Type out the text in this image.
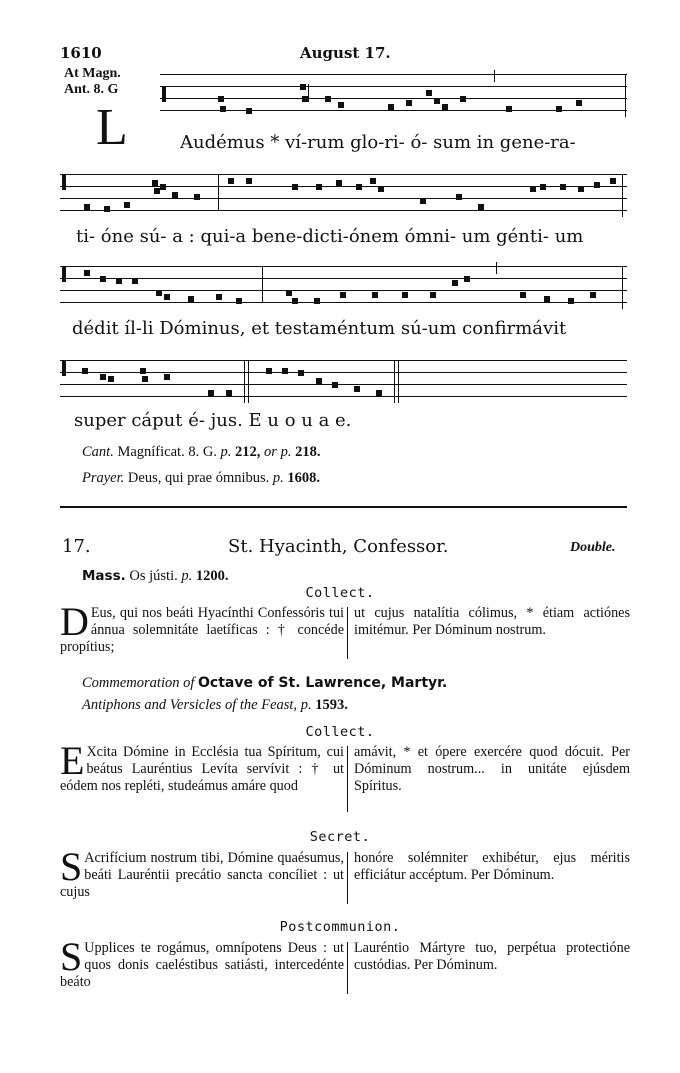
1610	August 17.
At Magn.
Ant. 8. G
L	Audémus * ví-rum glo-ri- ó- sum in gene-ra-
ti- óne sú- a : qui-a bene-dicti-ónem ómni- um génti- um
dédit íl-li Dóminus, et testaméntum sú-um confirmávit
super cáput é- jus. E u o u a e.
Cant. Magníficat. 8. G. p. 212, or p. 218.
Prayer. Deus, qui prae ómnibus. p. 1608.
17.	St. Hyacinth, Confessor.	Double.
Mass. Os jústi. p. 1200.
Collect.
D Eus, qui nos beáti Hyacínthi Confessóris tui ánnua solemnitáte laetíficas : † concéde propítius;
ut cujus natalítia cólimus, * étiam actiónes imitémur. Per Dóminum nostrum.
Commemoration of Octave of St. Lawrence, Martyr.
Antiphons and Versicles of the Feast, p. 1593.
Collect.
E Xcita Dómine in Ecclésia tua Spíritum, cui beátus Lauréntius Levíta servívit : † ut eódem nos repléti, studeámus amáre quod
amávit, * et ópere exercére quod dócuit. Per Dóminum nostrum... in unitáte ejúsdem Spíritus.
Secret.
S Acrifícium nostrum tibi, Dómine quaésumus, beáti Lauréntii precátio sancta concíliet : ut cujus
honóre solémniter exhibétur, ejus méritis efficiátur accéptum. Per Dóminum.
Postcommunion.
S Upplices te rogámus, omnípotens Deus : ut quos donis caeléstibus satiásti, intercedénte beáto
Lauréntio Mártyre tuo, perpétua protectióne custódias. Per Dóminum.
